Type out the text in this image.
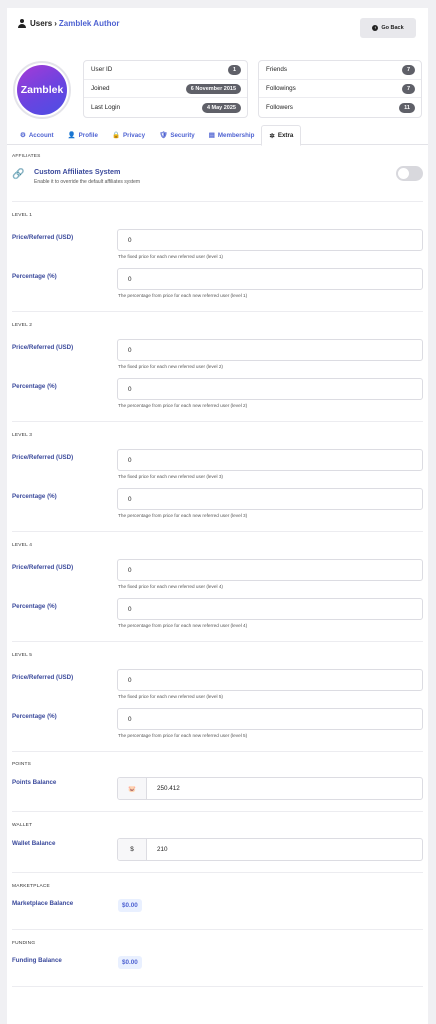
Users › Zamblek Author	‹ Go Back
Zamblek
User ID	1
Joined	6 November 2015
Last Login	4 May 2025
Friends	7
Followings	7
Followers	11
⚙ Account 👤 Profile 🔒 Privacy 🛡 Security ▤ Membership ✲ Extra
AFFILIATES
🔗 Custom Affiliates System
Enable it to override the default affiliates system
LEVEL 1
Price/Referred (USD)	0
The fixed price for each new referred user (level 1)
Percentage (%)	0
The percentage from price for each new referred user (level 1)
LEVEL 2
Price/Referred (USD)	0
The fixed price for each new referred user (level 2)
Percentage (%)	0
The percentage from price for each new referred user (level 2)
LEVEL 3
Price/Referred (USD)	0
The fixed price for each new referred user (level 3)
Percentage (%)	0
The percentage from price for each new referred user (level 3)
LEVEL 4
Price/Referred (USD)	0
The fixed price for each new referred user (level 4)
Percentage (%)	0
The percentage from price for each new referred user (level 4)
LEVEL 5
Price/Referred (USD)	0
The fixed price for each new referred user (level 5)
Percentage (%)	0
The percentage from price for each new referred user (level 5)
POINTS
Points Balance
🐷	250.412
WALLET
Wallet Balance
$	210
MARKETPLACE
Marketplace Balance	$0.00
FUNDING
Funding Balance	$0.00
